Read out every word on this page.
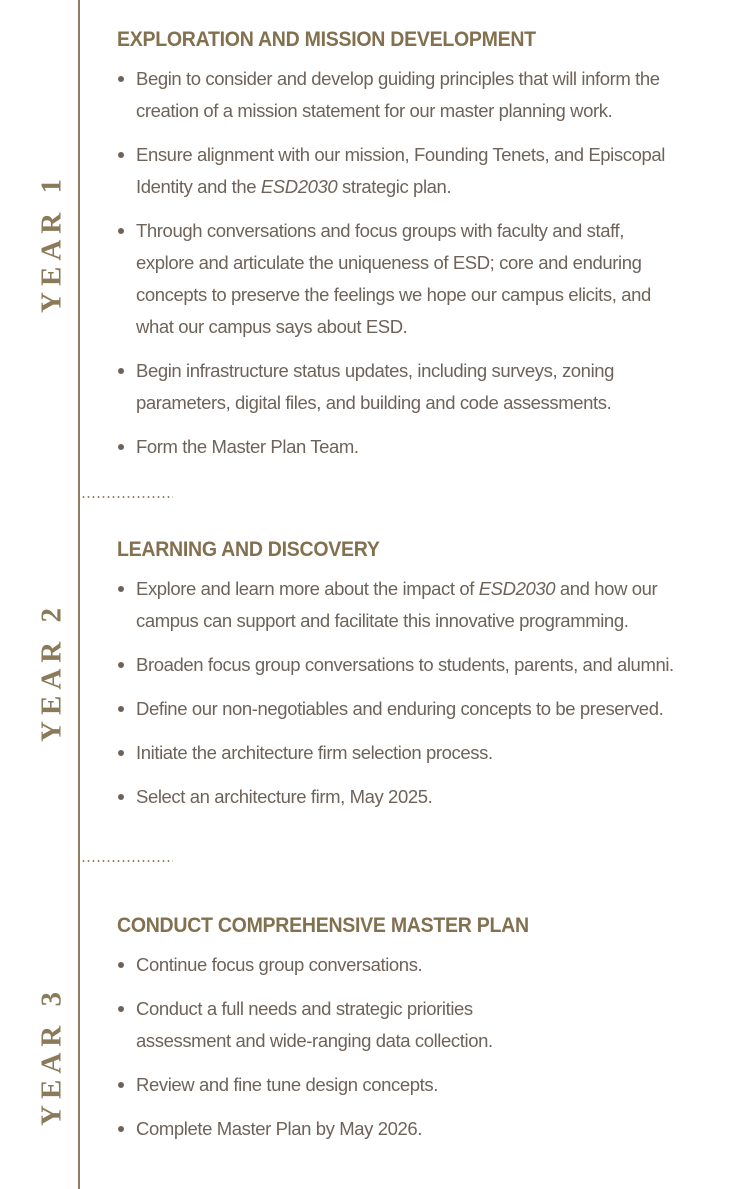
YEAR 1
YEAR 2
YEAR 3
EXPLORATION AND MISSION DEVELOPMENT
Begin to consider and develop guiding principles that will inform the creation of a mission statement for our master planning work.
Ensure alignment with our mission, Founding Tenets, and Episcopal Identity and the ESD2030 strategic plan.
Through conversations and focus groups with faculty and staff, explore and articulate the uniqueness of ESD; core and enduring concepts to preserve the feelings we hope our campus elicits, and what our campus says about ESD.
Begin infrastructure status updates, including surveys, zoning parameters, digital files, and building and code assessments.
Form the Master Plan Team.
LEARNING AND DISCOVERY
Explore and learn more about the impact of ESD2030 and how our campus can support and facilitate this innovative programming.
Broaden focus group conversations to students, parents, and alumni.
Define our non-negotiables and enduring concepts to be preserved.
Initiate the architecture firm selection process.
Select an architecture firm, May 2025.
CONDUCT COMPREHENSIVE MASTER PLAN
Continue focus group conversations.
Conduct a full needs and strategic priorities assessment and wide-ranging data collection.
Review and fine tune design concepts.
Complete Master Plan by May 2026.
